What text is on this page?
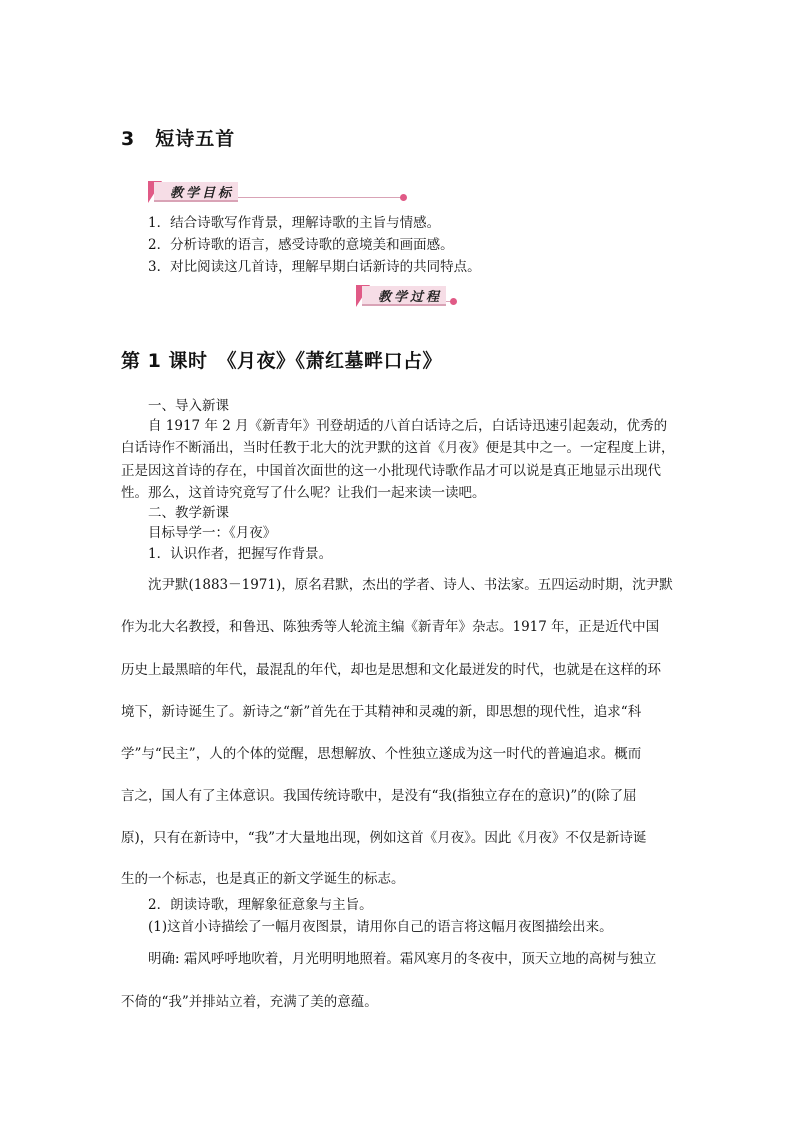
3　短诗五首
教学目标
1．结合诗歌写作背景，理解诗歌的主旨与情感。
2．分析诗歌的语言，感受诗歌的意境美和画面感。
3．对比阅读这几首诗，理解早期白话新诗的共同特点。
教学过程
第 1 课时　《月夜》《萧红墓畔口占》
一、导入新课
自 1917 年 2 月《新青年》刊登胡适的八首白话诗之后，白话诗迅速引起轰动，优秀的
白话诗作不断涌出，当时任教于北大的沈尹默的这首《月夜》便是其中之一。一定程度上讲，
正是因这首诗的存在，中国首次面世的这一小批现代诗歌作品才可以说是真正地显示出现代
性。那么，这首诗究竟写了什么呢？让我们一起来读一读吧。
二、教学新课
目标导学一：《月夜》
1．认识作者，把握写作背景。
沈尹默(1883－1971)，原名君默，杰出的学者、诗人、书法家。五四运动时期，沈尹默
作为北大名教授，和鲁迅、陈独秀等人轮流主编《新青年》杂志。1917 年，正是近代中国
历史上最黑暗的年代，最混乱的年代，却也是思想和文化最迸发的时代，也就是在这样的环
境下，新诗诞生了。新诗之“新”首先在于其精神和灵魂的新，即思想的现代性，追求“科
学”与“民主”，人的个体的觉醒，思想解放、个性独立遂成为这一时代的普遍追求。概而
言之，国人有了主体意识。我国传统诗歌中，是没有“我(指独立存在的意识)”的(除了屈
原)，只有在新诗中，“我”才大量地出现，例如这首《月夜》。因此《月夜》不仅是新诗诞
生的一个标志，也是真正的新文学诞生的标志。
2．朗读诗歌，理解象征意象与主旨。
(1)这首小诗描绘了一幅月夜图景，请用你自己的语言将这幅月夜图描绘出来。
明确: 霜风呼呼地吹着，月光明明地照着。霜风寒月的冬夜中，顶天立地的高树与独立
不倚的“我”并排站立着，充满了美的意蕴。
